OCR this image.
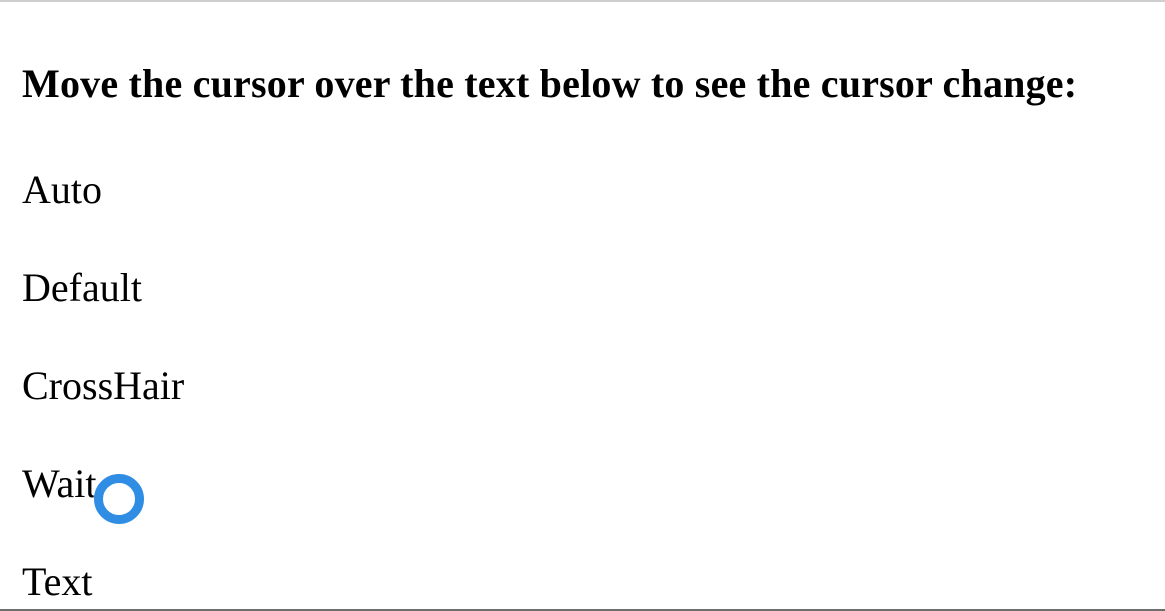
Move the cursor over the text below to see the cursor change:

Auto

Default

CrossHair

Wait

Text
